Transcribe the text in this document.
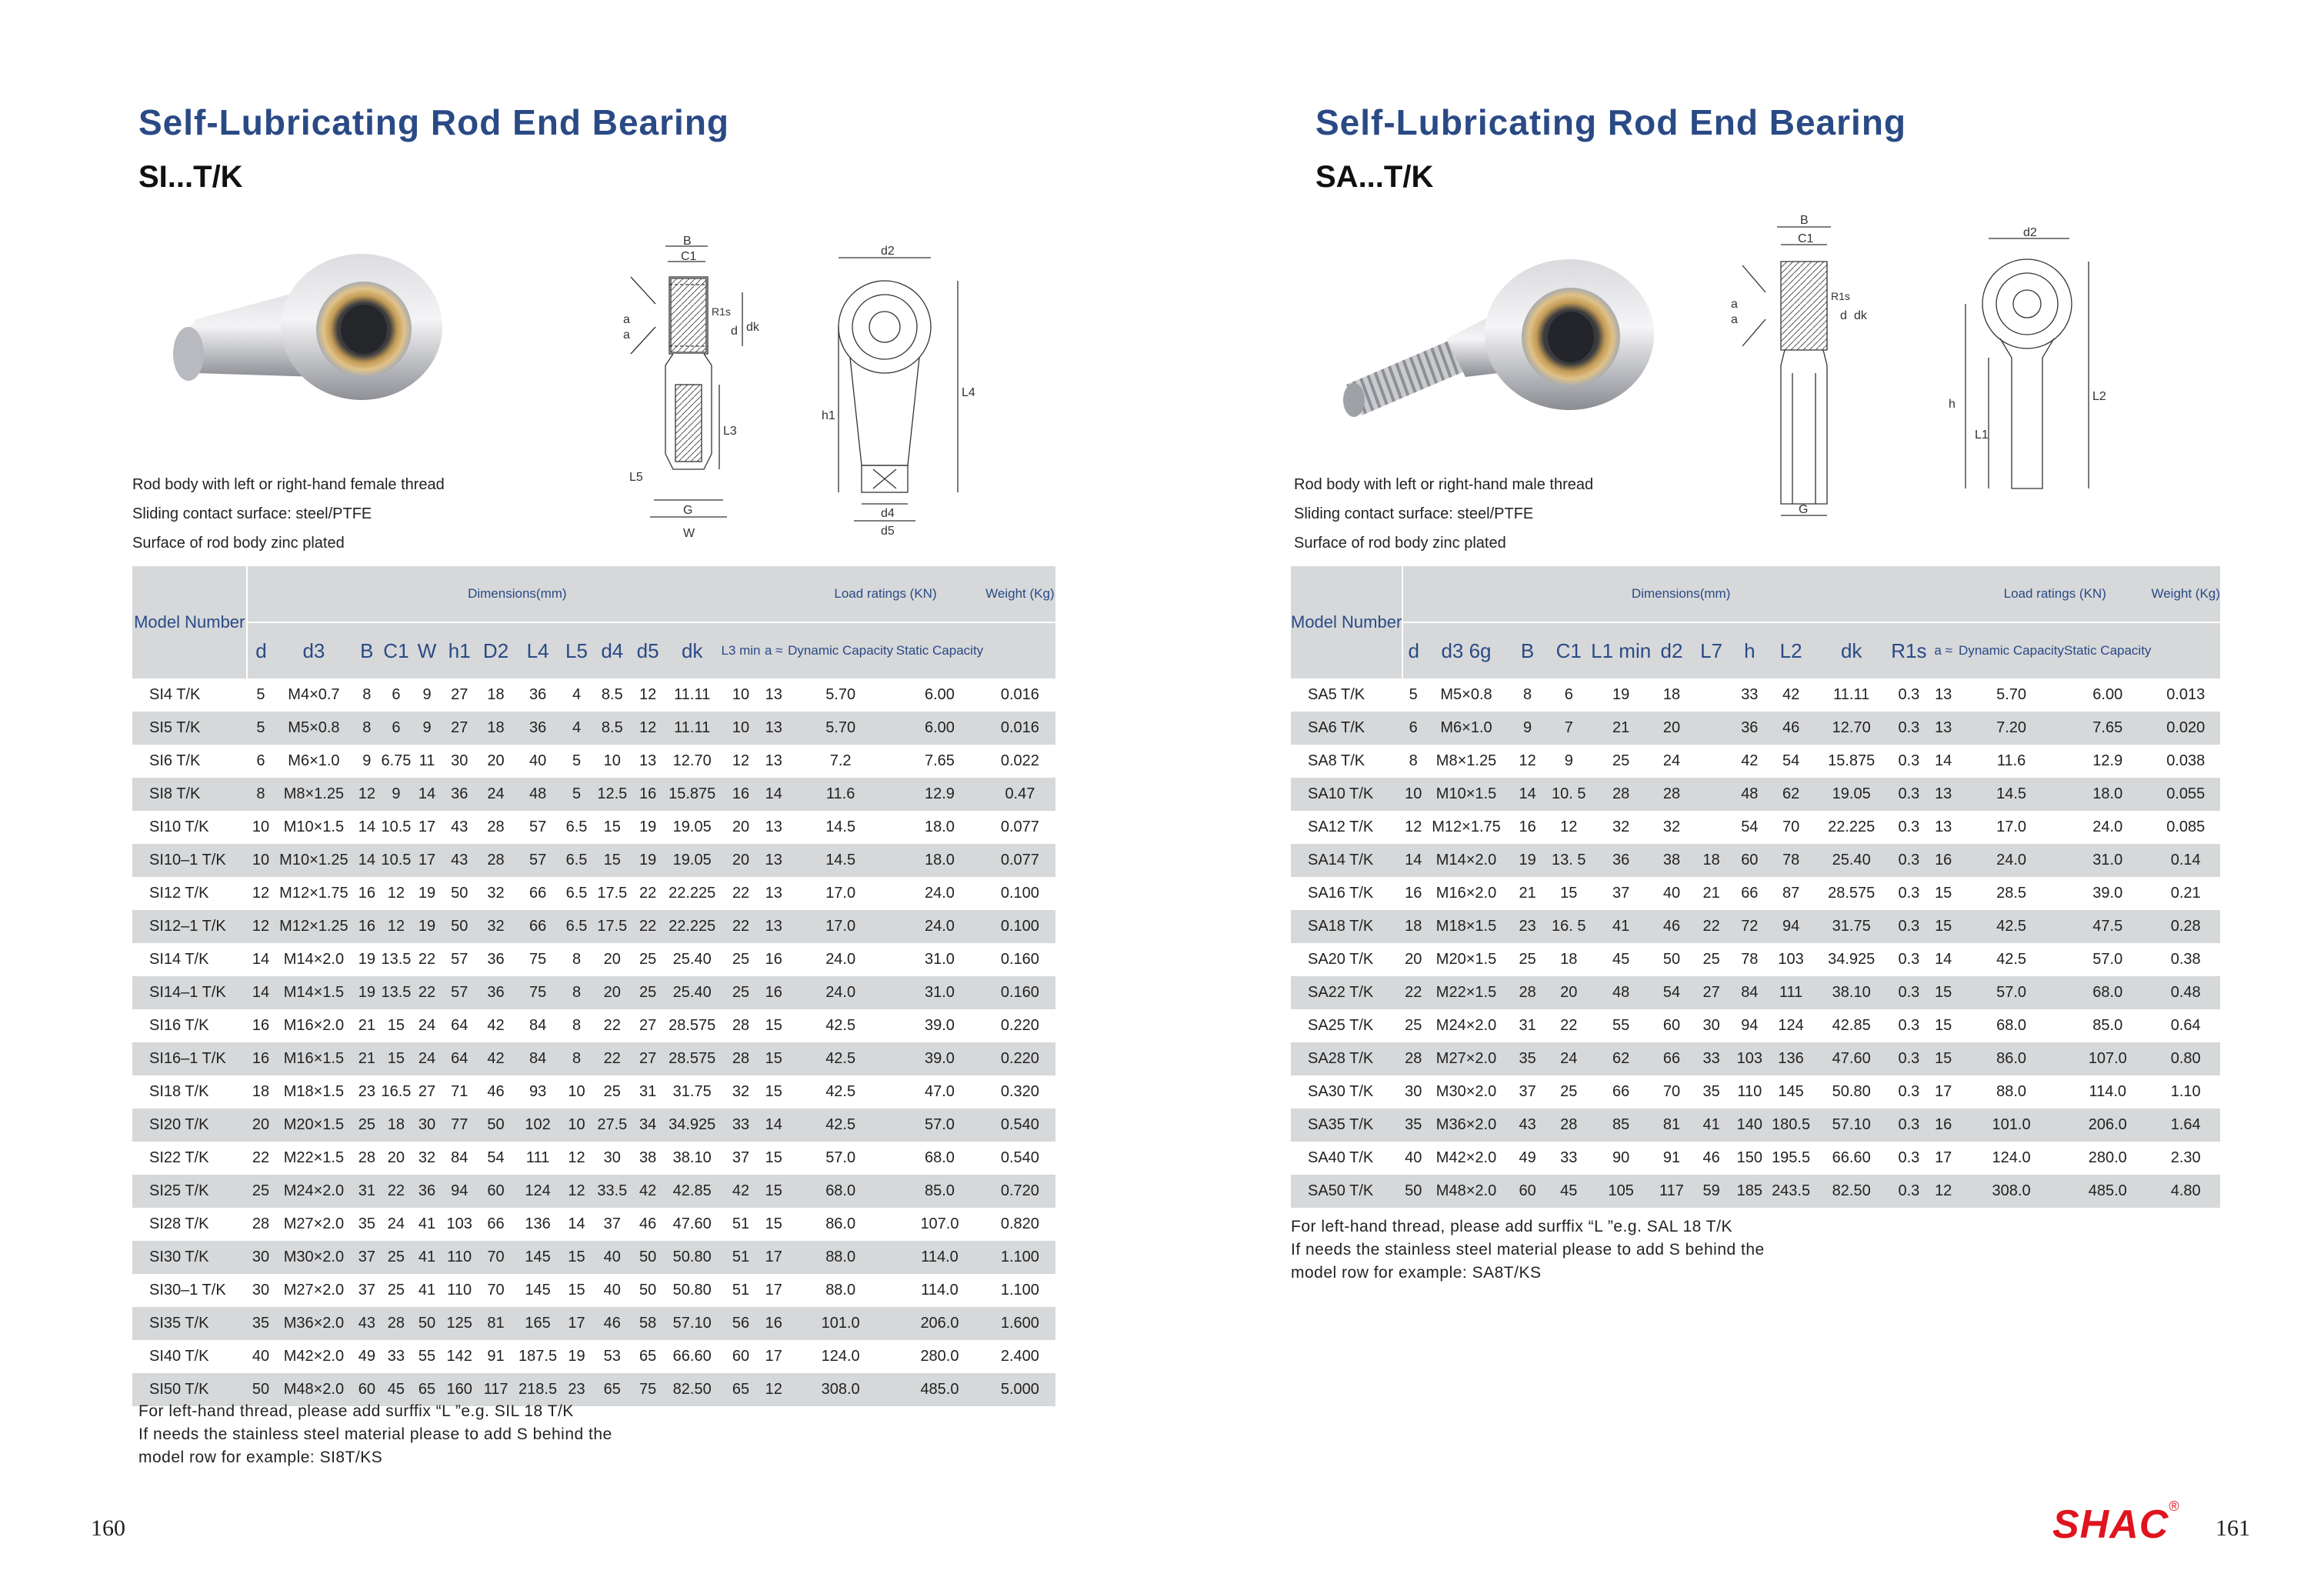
Self-Lubricating Rod End Bearing
SI...T/K
B
C1
R1s
d dk
a
a
L3
L5
G
W
d2
h1
L4
d4
d5
Rod body with left or right-hand female thread
Sliding contact surface: steel/PTFE
Surface of rod body zinc plated
Model Number	Dimensions(mm)														Load ratings (KN)		Weight (Kg)
	d	d3	B	C1	W	h1	D2	L4	L5	d4	d5	dk	L3 min	a ≈	Dynamic Capacity	Static Capacity	
SI4 T/K	5	M4×0.7	8	6	9	27	18	36	4	8.5	12	11.11	10	13	5.70	6.00	0.016
SI5 T/K	5	M5×0.8	8	6	9	27	18	36	4	8.5	12	11.11	10	13	5.70	6.00	0.016
SI6 T/K	6	M6×1.0	9	6.75	11	30	20	40	5	10	13	12.70	12	13	7.2	7.65	0.022
SI8 T/K	8	M8×1.25	12	9	14	36	24	48	5	12.5	16	15.875	16	14	11.6	12.9	0.47
SI10 T/K	10	M10×1.5	14	10.5	17	43	28	57	6.5	15	19	19.05	20	13	14.5	18.0	0.077
SI10–1 T/K	10	M10×1.25	14	10.5	17	43	28	57	6.5	15	19	19.05	20	13	14.5	18.0	0.077
SI12 T/K	12	M12×1.75	16	12	19	50	32	66	6.5	17.5	22	22.225	22	13	17.0	24.0	0.100
SI12–1 T/K	12	M12×1.25	16	12	19	50	32	66	6.5	17.5	22	22.225	22	13	17.0	24.0	0.100
SI14 T/K	14	M14×2.0	19	13.5	22	57	36	75	8	20	25	25.40	25	16	24.0	31.0	0.160
SI14–1 T/K	14	M14×1.5	19	13.5	22	57	36	75	8	20	25	25.40	25	16	24.0	31.0	0.160
SI16 T/K	16	M16×2.0	21	15	24	64	42	84	8	22	27	28.575	28	15	42.5	39.0	0.220
SI16–1 T/K	16	M16×1.5	21	15	24	64	42	84	8	22	27	28.575	28	15	42.5	39.0	0.220
SI18 T/K	18	M18×1.5	23	16.5	27	71	46	93	10	25	31	31.75	32	15	42.5	47.0	0.320
SI20 T/K	20	M20×1.5	25	18	30	77	50	102	10	27.5	34	34.925	33	14	42.5	57.0	0.540
SI22 T/K	22	M22×1.5	28	20	32	84	54	111	12	30	38	38.10	37	15	57.0	68.0	0.540
SI25 T/K	25	M24×2.0	31	22	36	94	60	124	12	33.5	42	42.85	42	15	68.0	85.0	0.720
SI28 T/K	28	M27×2.0	35	24	41	103	66	136	14	37	46	47.60	51	15	86.0	107.0	0.820
SI30 T/K	30	M30×2.0	37	25	41	110	70	145	15	40	50	50.80	51	17	88.0	114.0	1.100
SI30–1 T/K	30	M27×2.0	37	25	41	110	70	145	15	40	50	50.80	51	17	88.0	114.0	1.100
SI35 T/K	35	M36×2.0	43	28	50	125	81	165	17	46	58	57.10	56	16	101.0	206.0	1.600
SI40 T/K	40	M42×2.0	49	33	55	142	91	187.5	19	53	65	66.60	60	17	124.0	280.0	2.400
SI50 T/K	50	M48×2.0	60	45	65	160	117	218.5	23	65	75	82.50	65	12	308.0	485.0	5.000
For left-hand thread, please add surffix “L ”e.g. SIL 18 T/K
If needs the stainless steel material please to add S behind the
model row for example: SI8T/KS
160
Self-Lubricating Rod End Bearing
SA...T/K
B
C1
R1s
d dk
a
a
G
d2
h
L1
L2
Rod body with left or right-hand male thread
Sliding contact surface: steel/PTFE
Surface of rod body zinc plated
Model Number	Dimensions(mm)												Load ratings (KN)		Weight (Kg)
	d	d3 6g	B	C1	L1 min	d2	L7	h	L2	dk	R1s	a ≈	Dynamic Capacity	Static Capacity	
SA5 T/K	5	M5×0.8	8	6	19	18		33	42	11.11	0.3	13	5.70	6.00	0.013
SA6 T/K	6	M6×1.0	9	7	21	20		36	46	12.70	0.3	13	7.20	7.65	0.020
SA8 T/K	8	M8×1.25	12	9	25	24		42	54	15.875	0.3	14	11.6	12.9	0.038
SA10 T/K	10	M10×1.5	14	10. 5	28	28		48	62	19.05	0.3	13	14.5	18.0	0.055
SA12 T/K	12	M12×1.75	16	12	32	32		54	70	22.225	0.3	13	17.0	24.0	0.085
SA14 T/K	14	M14×2.0	19	13. 5	36	38	18	60	78	25.40	0.3	16	24.0	31.0	0.14
SA16 T/K	16	M16×2.0	21	15	37	40	21	66	87	28.575	0.3	15	28.5	39.0	0.21
SA18 T/K	18	M18×1.5	23	16. 5	41	46	22	72	94	31.75	0.3	15	42.5	47.5	0.28
SA20 T/K	20	M20×1.5	25	18	45	50	25	78	103	34.925	0.3	14	42.5	57.0	0.38
SA22 T/K	22	M22×1.5	28	20	48	54	27	84	111	38.10	0.3	15	57.0	68.0	0.48
SA25 T/K	25	M24×2.0	31	22	55	60	30	94	124	42.85	0.3	15	68.0	85.0	0.64
SA28 T/K	28	M27×2.0	35	24	62	66	33	103	136	47.60	0.3	15	86.0	107.0	0.80
SA30 T/K	30	M30×2.0	37	25	66	70	35	110	145	50.80	0.3	17	88.0	114.0	1.10
SA35 T/K	35	M36×2.0	43	28	85	81	41	140	180.5	57.10	0.3	16	101.0	206.0	1.64
SA40 T/K	40	M42×2.0	49	33	90	91	46	150	195.5	66.60	0.3	17	124.0	280.0	2.30
SA50 T/K	50	M48×2.0	60	45	105	117	59	185	243.5	82.50	0.3	12	308.0	485.0	4.80
For left-hand thread, please add surffix “L ”e.g. SAL 18 T/K
If needs the stainless steel material please to add S behind the
model row for example: SA8T/KS
SHAC®
161
